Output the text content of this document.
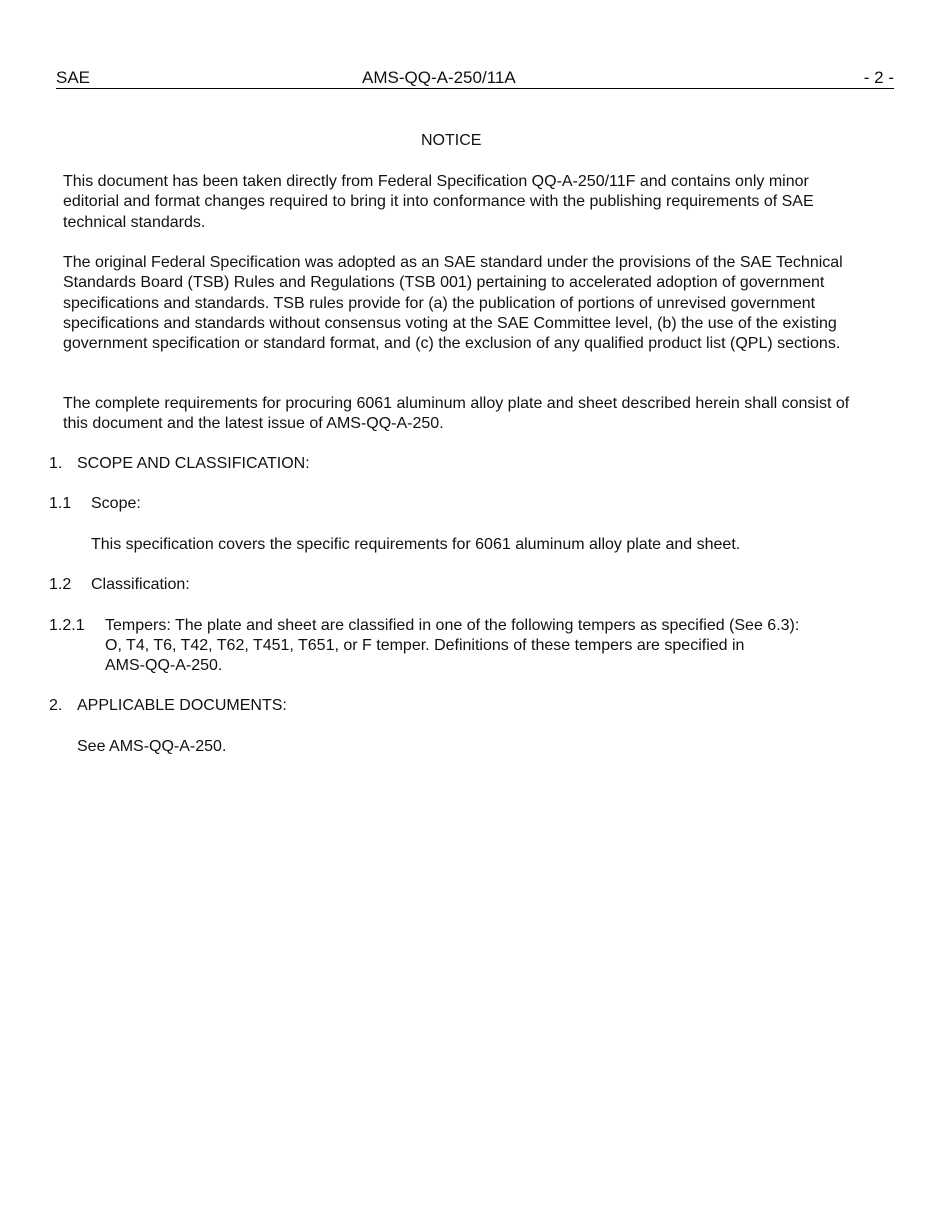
SAE	AMS-QQ-A-250/11A	- 2 -
NOTICE
This document has been taken directly from Federal Specification QQ-A-250/11F and contains only minor editorial and format changes required to bring it into conformance with the publishing requirements of SAE technical standards.
The original Federal Specification was adopted as an SAE standard under the provisions of the SAE Technical Standards Board (TSB) Rules and Regulations (TSB 001) pertaining to accelerated adoption of government specifications and standards. TSB rules provide for (a) the publication of portions of unrevised government specifications and standards without consensus voting at the SAE Committee level, (b) the use of the existing government specification or standard format, and (c) the exclusion of any qualified product list (QPL) sections.
The complete requirements for procuring 6061 aluminum alloy plate and sheet described herein shall consist of this document and the latest issue of AMS-QQ-A-250.
1. SCOPE AND CLASSIFICATION:
1.1 Scope:
This specification covers the specific requirements for 6061 aluminum alloy plate and sheet.
1.2 Classification:
1.2.1 Tempers: The plate and sheet are classified in one of the following tempers as specified (See 6.3):
O, T4, T6, T42, T62, T451, T651, or F temper. Definitions of these tempers are specified in
AMS-QQ-A-250.
2. APPLICABLE DOCUMENTS:
See AMS-QQ-A-250.
